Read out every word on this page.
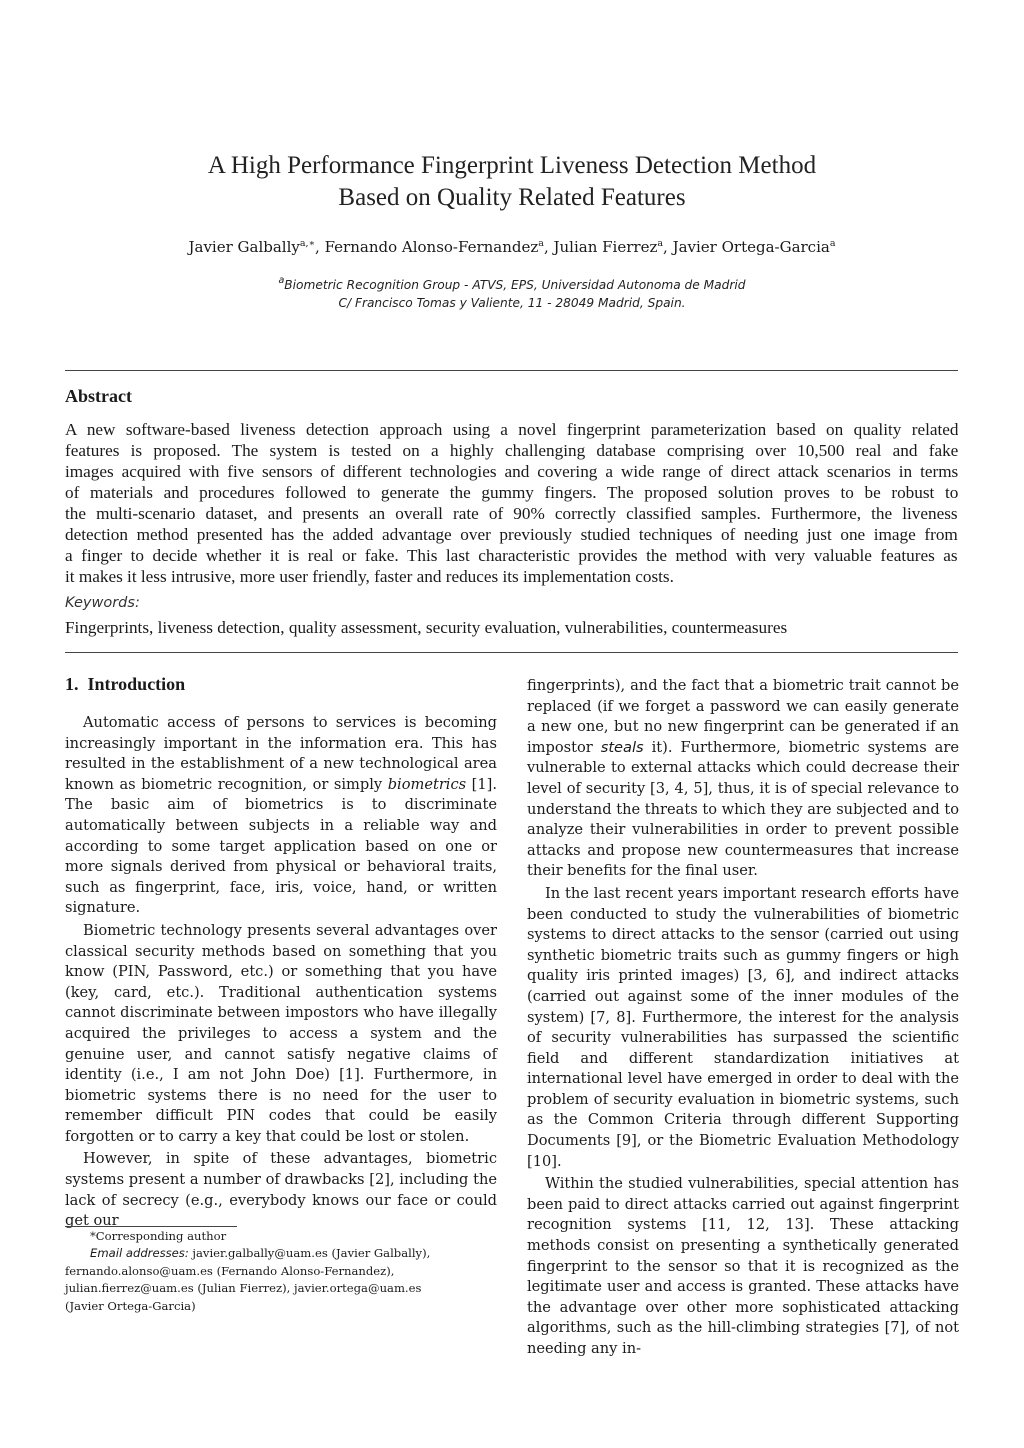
A High Performance Fingerprint Liveness Detection Method
Based on Quality Related Features
Javier Galbally$^{a,∗}$, Fernando Alonso-Fernandez$^a$, Julian Fierrez$^a$, Javier Ortega-Garcia$^a$
$^a$Biometric Recognition Group - ATVS, EPS, Universidad Autonoma de Madrid
C/ Francisco Tomas y Valiente, 11 - 28049 Madrid, Spain.
Abstract
A new software-based liveness detection approach using a novel fingerprint parameterization based on quality related
features is proposed. The system is tested on a highly challenging database comprising over 10,500 real and fake
images acquired with five sensors of different technologies and covering a wide range of direct attack scenarios in terms
of materials and procedures followed to generate the gummy fingers. The proposed solution proves to be robust to
the multi-scenario dataset, and presents an overall rate of 90% correctly classified samples. Furthermore, the liveness
detection method presented has the added advantage over previously studied techniques of needing just one image from
a finger to decide whether it is real or fake. This last characteristic provides the method with very valuable features as
it makes it less intrusive, more user friendly, faster and reduces its implementation costs.
Keywords:
Fingerprints, liveness detection, quality assessment, security evaluation, vulnerabilities, countermeasures
1. Introduction

Automatic access of persons to services is becoming increasingly important in the information era. This has resulted in the establishment of a new technological area known as biometric recognition, or simply biometrics [1]. The basic aim of biometrics is to discriminate automatically between subjects in a reliable way and according to some target application based on one or more signals derived from physical or behavioral traits, such as fingerprint, face, iris, voice, hand, or written signature.

Biometric technology presents several advantages over classical security methods based on something that you know (PIN, Password, etc.) or something that you have (key, card, etc.). Traditional authentication systems cannot discriminate between impostors who have illegally acquired the privileges to access a system and the genuine user, and cannot satisfy negative claims of identity (i.e., I am not John Doe) [1]. Furthermore, in biometric systems there is no need for the user to remember difficult PIN codes that could be easily forgotten or to carry a key that could be lost or stolen.

However, in spite of these advantages, biometric systems present a number of drawbacks [2], including the lack of secrecy (e.g., everybody knows our face or could get our

fingerprints), and the fact that a biometric trait cannot be replaced (if we forget a password we can easily generate a new one, but no new fingerprint can be generated if an impostor steals it). Furthermore, biometric systems are vulnerable to external attacks which could decrease their level of security [3, 4, 5], thus, it is of special relevance to understand the threats to which they are subjected and to analyze their vulnerabilities in order to prevent possible attacks and propose new countermeasures that increase their benefits for the final user.

In the last recent years important research efforts have been conducted to study the vulnerabilities of biometric systems to direct attacks to the sensor (carried out using synthetic biometric traits such as gummy fingers or high quality iris printed images) [3, 6], and indirect attacks (carried out against some of the inner modules of the system) [7, 8]. Furthermore, the interest for the analysis of security vulnerabilities has surpassed the scientific field and different standardization initiatives at international level have emerged in order to deal with the problem of security evaluation in biometric systems, such as the Common Criteria through different Supporting Documents [9], or the Biometric Evaluation Methodology [10].

Within the studied vulnerabilities, special attention has been paid to direct attacks carried out against fingerprint recognition systems [11, 12, 13]. These attacking methods consist on presenting a synthetically generated fingerprint to the sensor so that it is recognized as the legitimate user and access is granted. These attacks have the advantage over other more sophisticated attacking algorithms, such as the hill-climbing strategies [7], of not needing any in-

*Corresponding author
Email addresses: javier.galbally@uam.es (Javier Galbally),
fernando.alonso@uam.es (Fernando Alonso-Fernandez),
julian.fierrez@uam.es (Julian Fierrez), javier.ortega@uam.es
(Javier Ortega-Garcia)
